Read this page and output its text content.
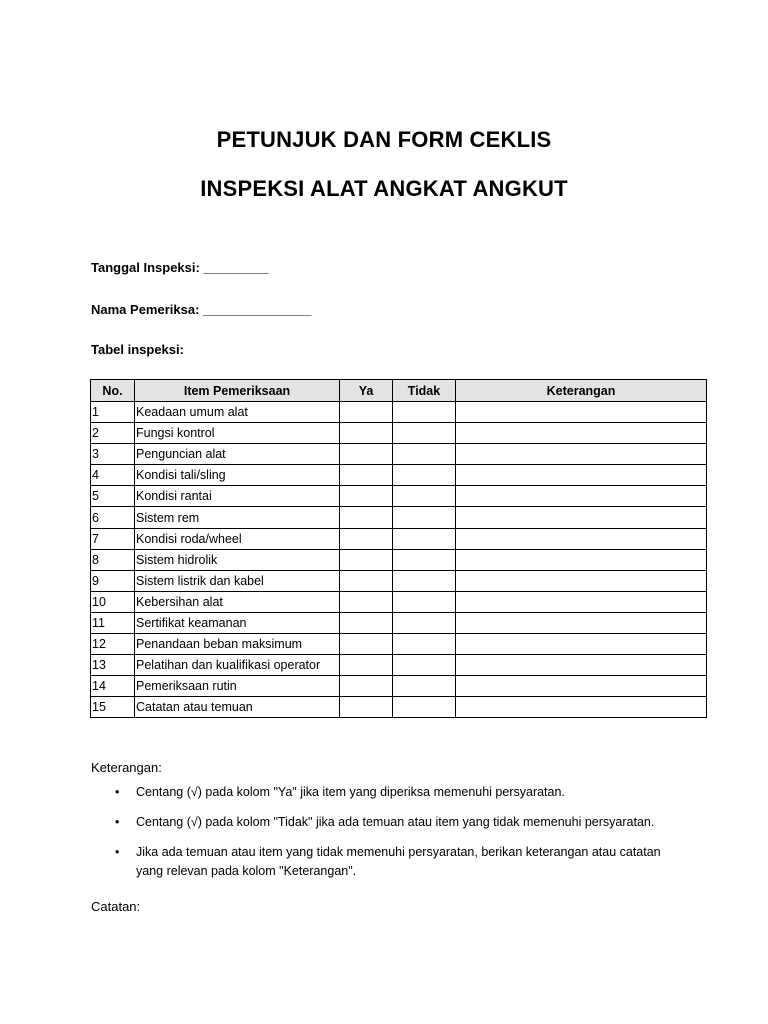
PETUNJUK DAN FORM CEKLIS
INSPEKSI ALAT ANGKAT ANGKUT
Tanggal Inspeksi: _________
Nama Pemeriksa: _______________
Tabel inspeksi:
No.	Item Pemeriksaan	Ya	Tidak	Keterangan
1	Keadaan umum alat			
2	Fungsi kontrol			
3	Penguncian alat			
4	Kondisi tali/sling			
5	Kondisi rantai			
6	Sistem rem			
7	Kondisi roda/wheel			
8	Sistem hidrolik			
9	Sistem listrik dan kabel			
10	Kebersihan alat			
11	Sertifikat keamanan			
12	Penandaan beban maksimum			
13	Pelatihan dan kualifikasi operator			
14	Pemeriksaan rutin			
15	Catatan atau temuan			
Keterangan:
• Centang (√) pada kolom "Ya" jika item yang diperiksa memenuhi persyaratan.
• Centang (√) pada kolom "Tidak" jika ada temuan atau item yang tidak memenuhi persyaratan.
• Jika ada temuan atau item yang tidak memenuhi persyaratan, berikan keterangan atau catatan yang relevan pada kolom "Keterangan".
Catatan:
